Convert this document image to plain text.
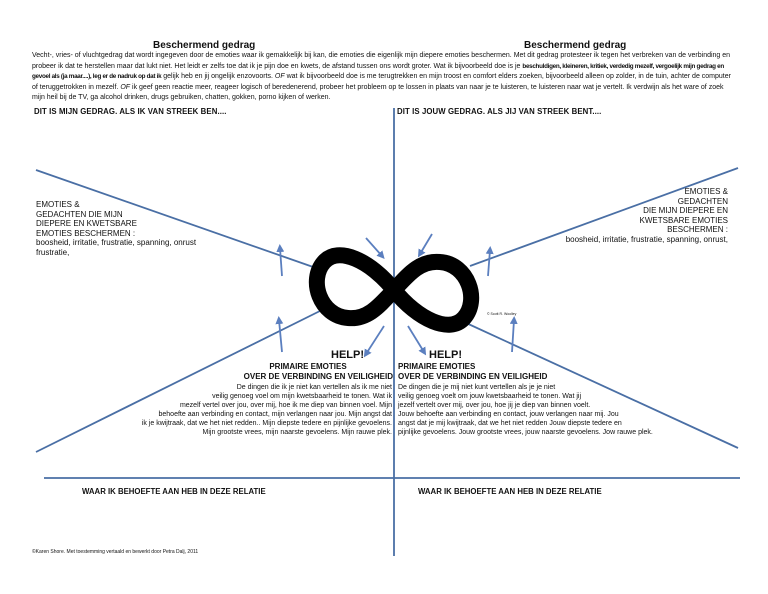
Beschermend gedrag	Beschermend gedrag
Vecht-, vries- of vluchtgedrag dat wordt ingegeven door de emoties waar ik gemakkelijk bij kan, die emoties die eigenlijk mijn diepere emoties beschermen. Met dit gedrag protesteer ik tegen het verbreken van de verbinding en probeer ik dat te herstellen maar dat lukt niet. Het leidt er zelfs toe dat ik je pijn doe en kwets, de afstand tussen ons wordt groter. Wat ik bijvoorbeeld doe is je beschuldigen, kleineren, kritiek, verdedig mezelf, vergoelijk mijn gedrag en gevoel als (ja maar....), leg er de nadruk op dat ik gelijk heb en jij ongelijk enzovoorts. OF wat ik bijvoorbeeld doe is me terugtrekken en mijn troost en comfort elders zoeken, bijvoorbeeld alleen op zolder, in de tuin, achter de computer of teruggetrokken in mezelf. OF ik geef geen reactie meer, reageer logisch of beredenerend, probeer het probleem op te lossen in plaats van naar je te luisteren, te luisteren naar wat je vertelt. Ik verdwijn als het ware of zoek mijn heil bij de TV, ga alcohol drinken, drugs gebruiken, chatten, gokken, porno kijken of werken.
DIT IS MIJN GEDRAG. ALS IK VAN STREEK BEN....	DIT IS JOUW GEDRAG. ALS JIJ VAN STREEK BENT....
© Scott R. Woolley
EMOTIES &
GEDACHTEN DIE MIJN
DIEPERE EN KWETSBARE
EMOTIES BESCHERMEN :
boosheid, irritatie, frustratie, spanning, onrust
frustratie,
EMOTIES &
GEDACHTEN
DIE MIJN DIEPERE EN
KWETSBARE EMOTIES
BESCHERMEN :
boosheid, irritatie, frustratie, spanning, onrust,
HELP!	HELP!
PRIMAIRE EMOTIES
OVER DE VERBINDING EN VEILIGHEID
De dingen die ik je niet kan vertellen als ik me niet
veilig genoeg voel om mijn kwetsbaarheid te tonen. Wat ik
mezelf vertel over jou, over mij, hoe ik me diep van binnen voel. Mijn
behoefte aan verbinding en contact, mijn verlangen naar jou. Mijn angst dat
ik je kwijtraak, dat we het niet redden.. Mijn diepste tedere en pijnlijke gevoelens.
Mijn grootste vrees, mijn naarste gevoelens. Mijn rauwe plek.
PRIMAIRE EMOTIES
OVER DE VERBINDING EN VEILIGHEID
De dingen die je mij niet kunt vertellen als je je niet
veilig genoeg voelt om jouw kwetsbaarheid te tonen. Wat jij
jezelf vertelt over mij, over jou, hoe jij je diep van binnen voelt.
Jouw behoefte aan verbinding en contact, jouw verlangen naar mij. Jou
angst dat je mij kwijtraak, dat we het niet redden Jouw diepste tedere en
pijnlijke gevoelens. Jouw grootste vrees, jouw naarste gevoelens. Jow rauwe plek.
WAAR IK BEHOEFTE AAN HEB IN DEZE RELATIE	WAAR IK BEHOEFTE AAN HEB IN DEZE RELATIE
©Karen Shore. Met toestemming vertaald en bewerkt door Petra Dalj, 2011
